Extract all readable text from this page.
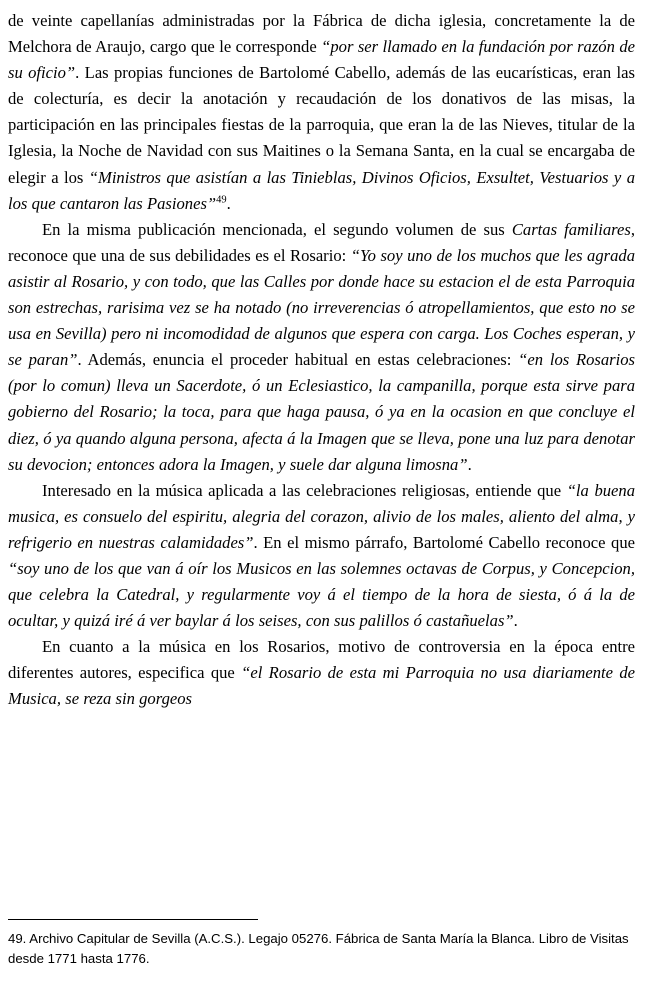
de veinte capellanías administradas por la Fábrica de dicha iglesia, concretamente la de Melchora de Araujo, cargo que le corresponde “por ser llamado en la fundación por razón de su oficio”. Las propias funciones de Bartolomé Cabello, además de las eucarísticas, eran las de colecturía, es decir la anotación y recaudación de los donativos de las misas, la participación en las principales fiestas de la parroquia, que eran la de las Nieves, titular de la Iglesia, la Noche de Navidad con sus Maitines o la Semana Santa, en la cual se encargaba de elegir a los “Ministros que asistían a las Tinieblas, Divinos Oficios, Exsultet, Vestuarios y a los que cantaron las Pasiones”$^{49}$.

En la misma publicación mencionada, el segundo volumen de sus Cartas familiares, reconoce que una de sus debilidades es el Rosario: “Yo soy uno de los muchos que les agrada asistir al Rosario, y con todo, que las Calles por donde hace su estacion el de esta Parroquia son estrechas, rarisima vez se ha notado (no irreverencias ó atropellamientos, que esto no se usa en Sevilla) pero ni incomodidad de algunos que espera con carga. Los Coches esperan, y se paran”. Además, enuncia el proceder habitual en estas celebraciones: “en los Rosarios (por lo comun) lleva un Sacerdote, ó un Eclesiastico, la campanilla, porque esta sirve para gobierno del Rosario; la toca, para que haga pausa, ó ya en la ocasion en que concluye el diez, ó ya quando alguna persona, afecta á la Imagen que se lleva, pone una luz para denotar su devocion; entonces adora la Imagen, y suele dar alguna limosna”.

Interesado en la música aplicada a las celebraciones religiosas, entiende que “la buena musica, es consuelo del espiritu, alegria del corazon, alivio de los males, aliento del alma, y refrigerio en nuestras calamidades”. En el mismo párrafo, Bartolomé Cabello reconoce que “soy uno de los que van á oír los Musicos en las solemnes octavas de Corpus, y Concepcion, que celebra la Catedral, y regularmente voy á el tiempo de la hora de siesta, ó á la de ocultar, y quizá iré á ver baylar á los seises, con sus palillos ó castañuelas”.

En cuanto a la música en los Rosarios, motivo de controversia en la época entre diferentes autores, especifica que “el Rosario de esta mi Parroquia no usa diariamente de Musica, se reza sin gorgeos

49. Archivo Capitular de Sevilla (A.C.S.). Legajo 05276. Fábrica de Santa María la Blanca. Libro de Visitas desde 1771 hasta 1776.
